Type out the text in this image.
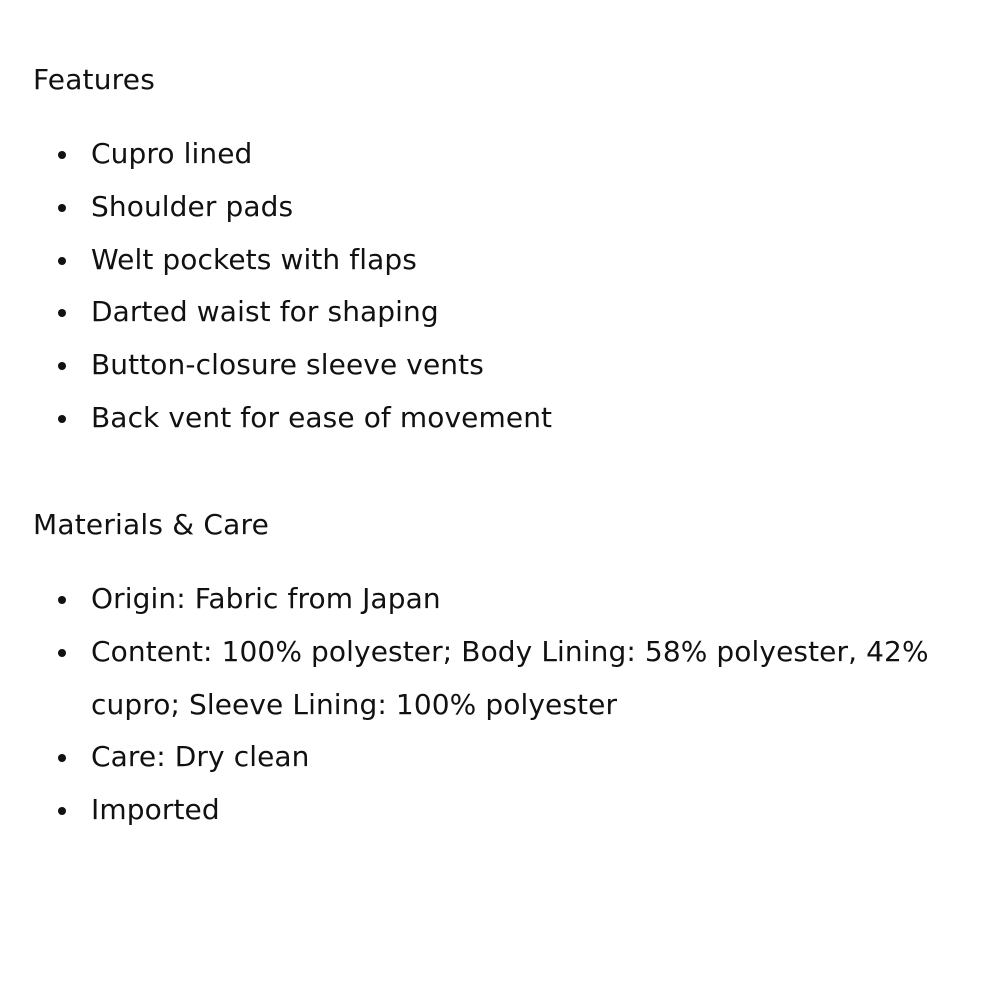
Features
Cupro lined
Shoulder pads
Welt pockets with flaps
Darted waist for shaping
Button-closure sleeve vents
Back vent for ease of movement
Materials & Care
Origin: Fabric from Japan
Content: 100% polyester; Body Lining: 58% polyester, 42% cupro; Sleeve Lining: 100% polyester
Care: Dry clean
Imported
